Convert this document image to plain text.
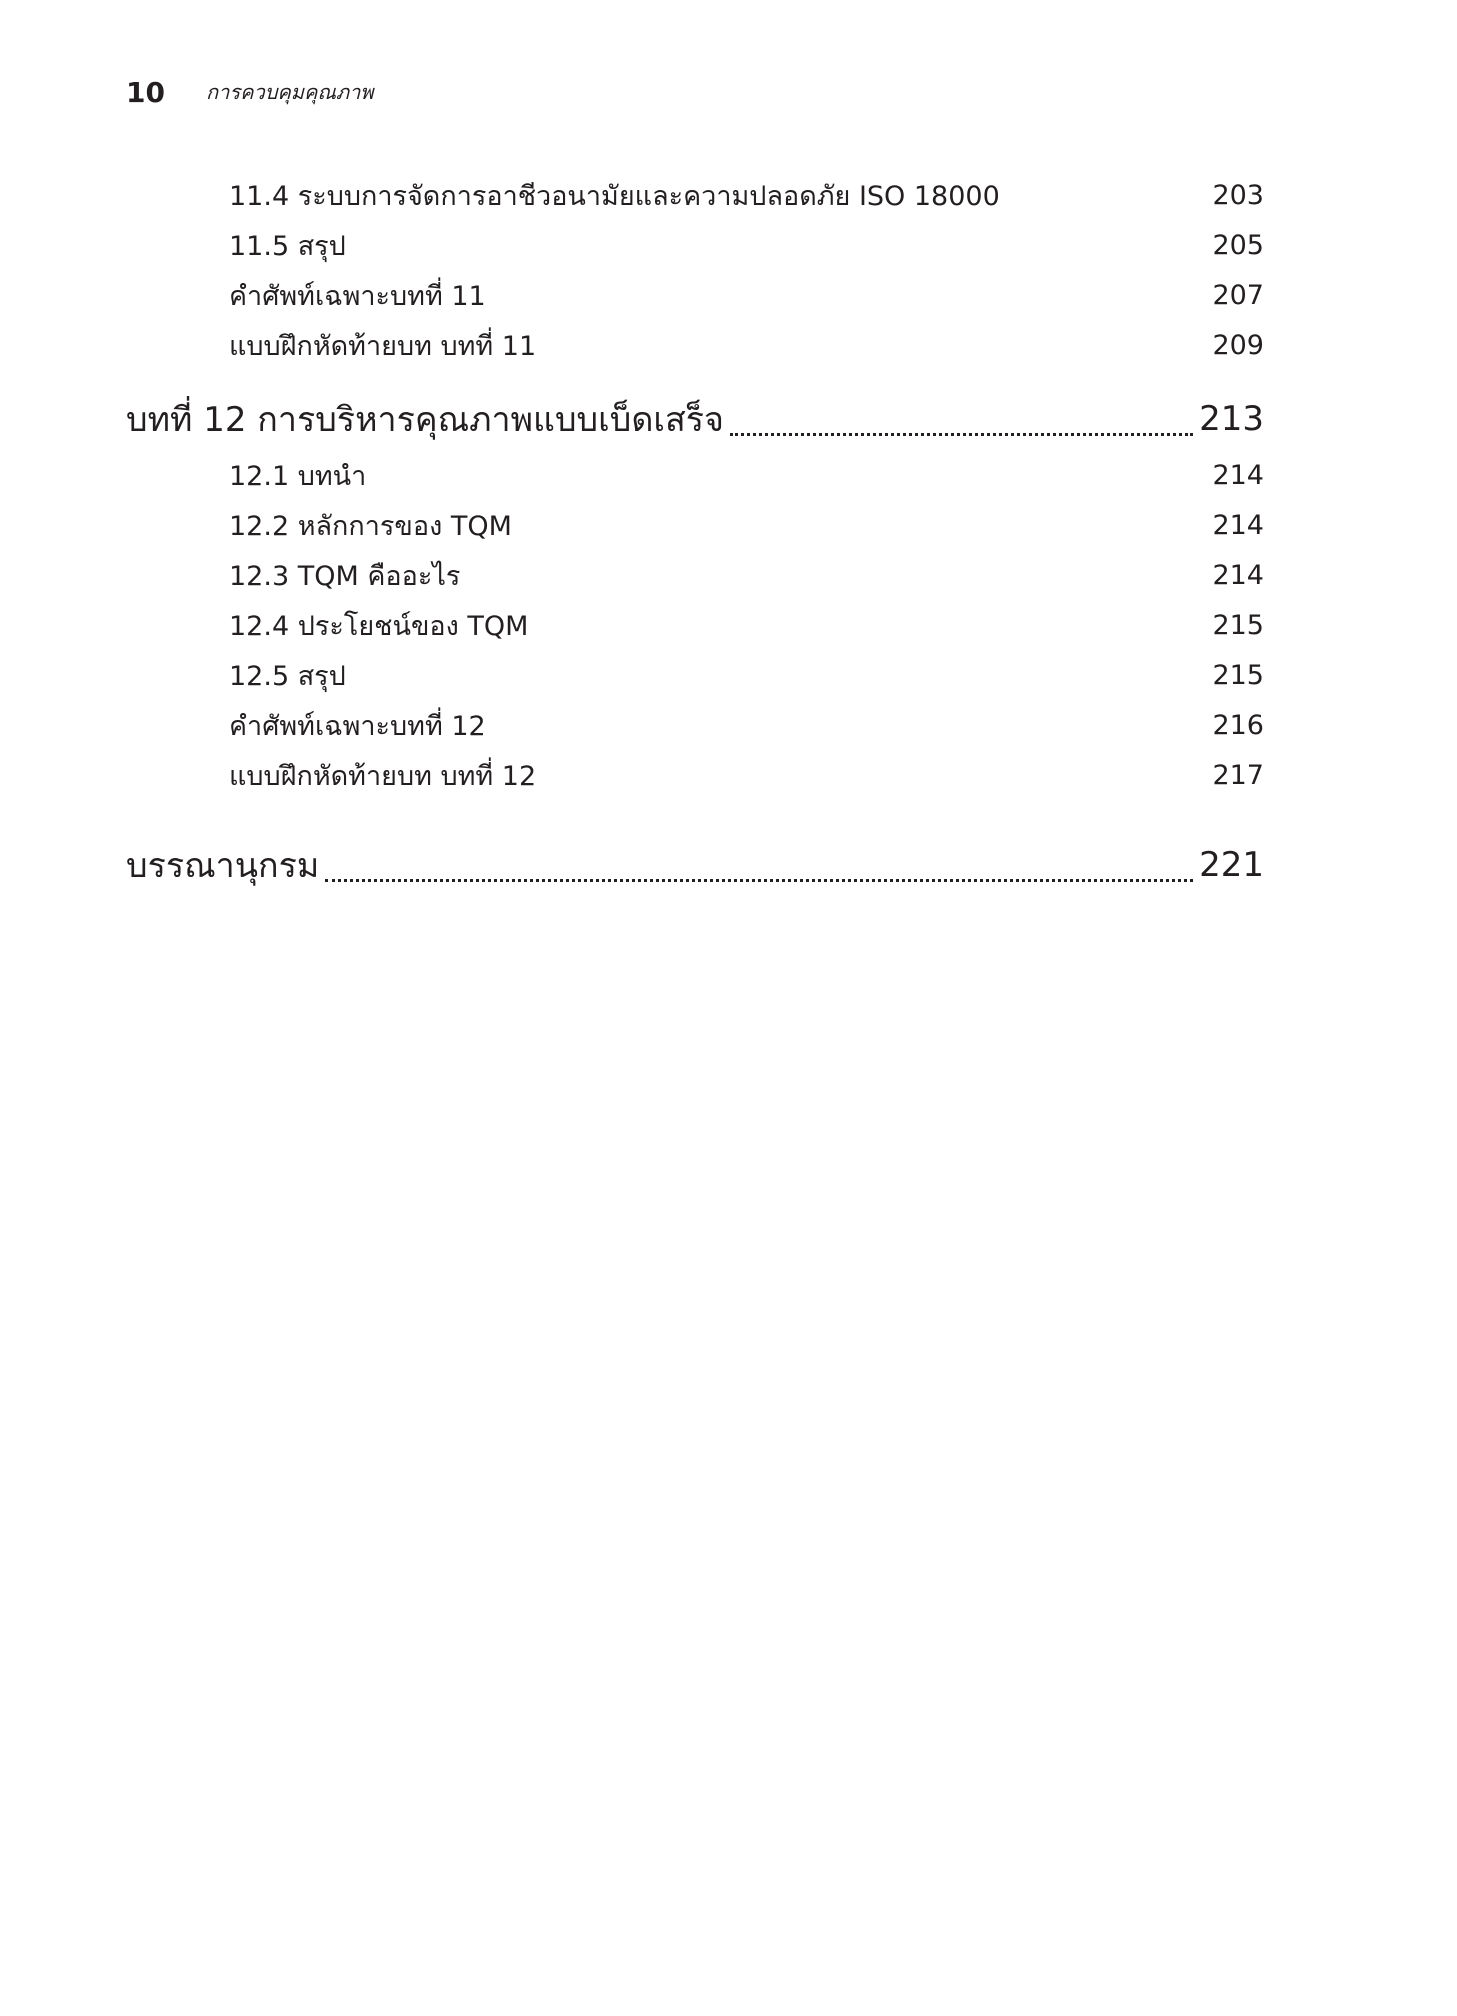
10	การควบคุมคุณภาพ
11.4 ระบบการจัดการอาชีวอนามัยและความปลอดภัย ISO 18000	203
11.5 สรุป	205
คำศัพท์เฉพาะบทที่ 11	207
แบบฝึกหัดท้ายบท บทที่ 11	209
บทที่ 12 การบริหารคุณภาพแบบเบ็ดเสร็จ	213
12.1 บทนำ	214
12.2 หลักการของ TQM	214
12.3 TQM คืออะไร	214
12.4 ประโยชน์ของ TQM	215
12.5 สรุป	215
คำศัพท์เฉพาะบทที่ 12	216
แบบฝึกหัดท้ายบท บทที่ 12	217
บรรณานุกรม	221
